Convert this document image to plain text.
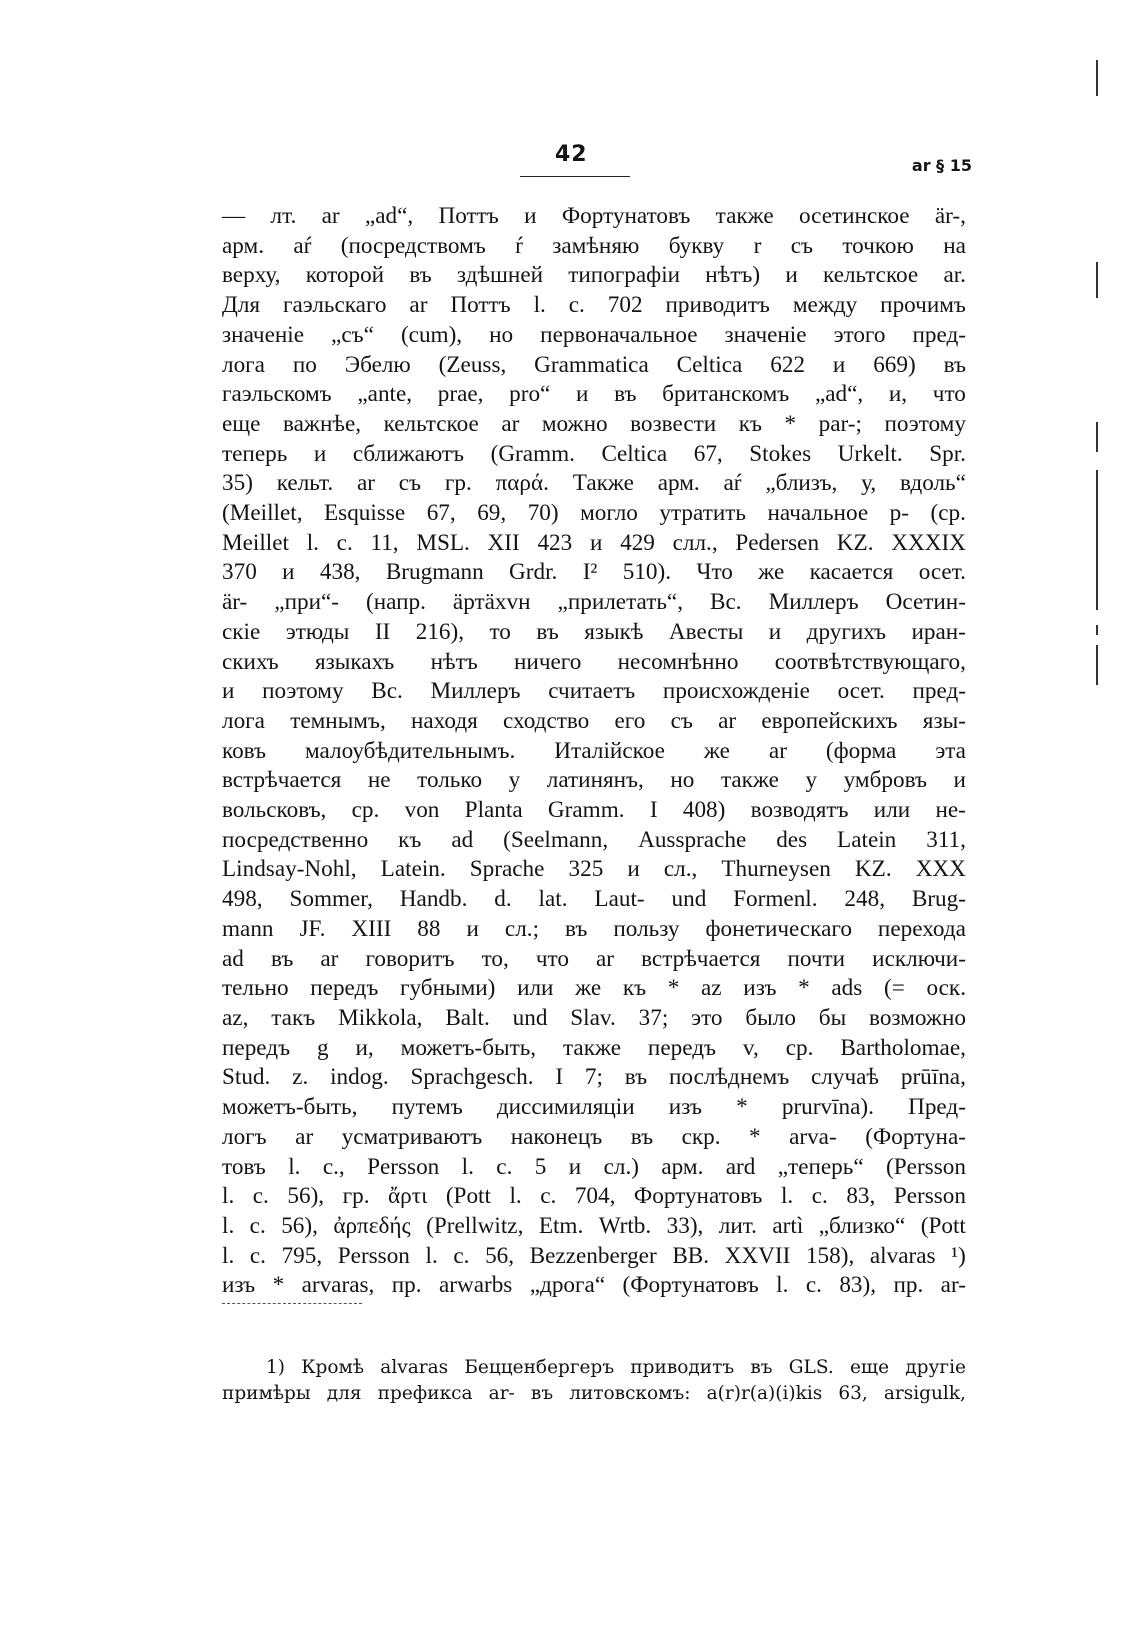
42	ar § 15
— лт. ar „ad“, Поттъ и Фортунатовъ также осетинское ӓr-,
арм. aŕ (посредствомъ ŕ замѣняю букву r съ точкою на
верху, которой въ здѣшней типографіи нѣтъ) и кельтское ar.
Для гаэльскаго ar Поттъ l. c. 702 приводитъ между прочимъ
значеніе „съ“ (cum), но первоначальное значеніе этого пред-
лога по Эбелю (Zeuss, Grammatica Celtica 622 и 669) въ
гаэльскомъ „ante, prae, pro“ и въ британскомъ „ad“, и, что
еще важнѣе, кельтское ar можно возвести къ * par-; поэтому
теперь и сближаютъ (Gramm. Celtica 67, Stokes Urkelt. Spr.
35) кельт. ar съ гр. παρά. Также арм. aŕ „близъ, у, вдоль“
(Meillet, Esquisse 67, 69, 70) могло утратить начальное p- (ср.
Meillet l. c. 11, MSL. XII 423 и 429 слл., Pedersen KZ. XXXIX
370 и 438, Brugmann Grdr. I² 510). Что же касается осет.
ӓr- „при“- (напр. ӓртӓхvн „прилетать“, Вс. Миллеръ Осетин-
скіе этюды II 216), то въ языкѣ Авесты и другихъ иран-
скихъ языкахъ нѣтъ ничего несомнѣнно соотвѣтствующаго,
и поэтому Вс. Миллеръ считаетъ происхожденіе осет. пред-
лога темнымъ, находя сходство его съ ar европейскихъ язы-
ковъ малоубѣдительнымъ. Италійское же ar (форма эта
встрѣчается не только у латинянъ, но также у умбровъ и
вольсковъ, ср. von Planta Gramm. I 408) возводятъ или не-
посредственно къ ad (Seelmann, Aussprache des Latein 311,
Lindsay-Nohl, Latein. Sprache 325 и сл., Thurneysen KZ. XXX
498, Sommer, Handb. d. lat. Laut- und Formenl. 248, Brug-
mann JF. XIII 88 и сл.; въ пользу фонетическаго перехода
ad въ ar говоритъ то, что ar встрѣчается почти исключи-
тельно передъ губными) или же къ * az изъ * ads (= оск.
az, такъ Mikkola, Balt. und Slav. 37; это было бы возможно
передъ g и, можетъ-быть, также передъ v, ср. Bartholomae,
Stud. z. indog. Sprachgesch. I 7; въ послѣднемъ случаѣ prūīna,
можетъ-быть, путемъ диссимиляціи изъ * prurvīna). Пред-
логъ ar усматриваютъ наконецъ въ скр. * arva- (Фортуна-
товъ l. c., Persson l. c. 5 и сл.) арм. ard „теперь“ (Persson
l. c. 56), гр. ἄρτι (Pott l. c. 704, Фортунатовъ l. c. 83, Persson
l. c. 56), ἀρπεδής (Prellwitz, Etm. Wrtb. 33), лит. artì „близко“ (Pott
l. c. 795, Persson l. c. 56, Bezzenberger BB. XXVII 158), alvaras ¹)
изъ * arvaras, пр. arwarbs „дрога“ (Фортунатовъ l. c. 83), пр. ar-
1) Кромѣ alvaras Бецценбергеръ приводитъ въ GLS. еще другіе
примѣры для префикса ar- въ литовскомъ: a(r)r(a)(i)kis 63, arsigulk,
